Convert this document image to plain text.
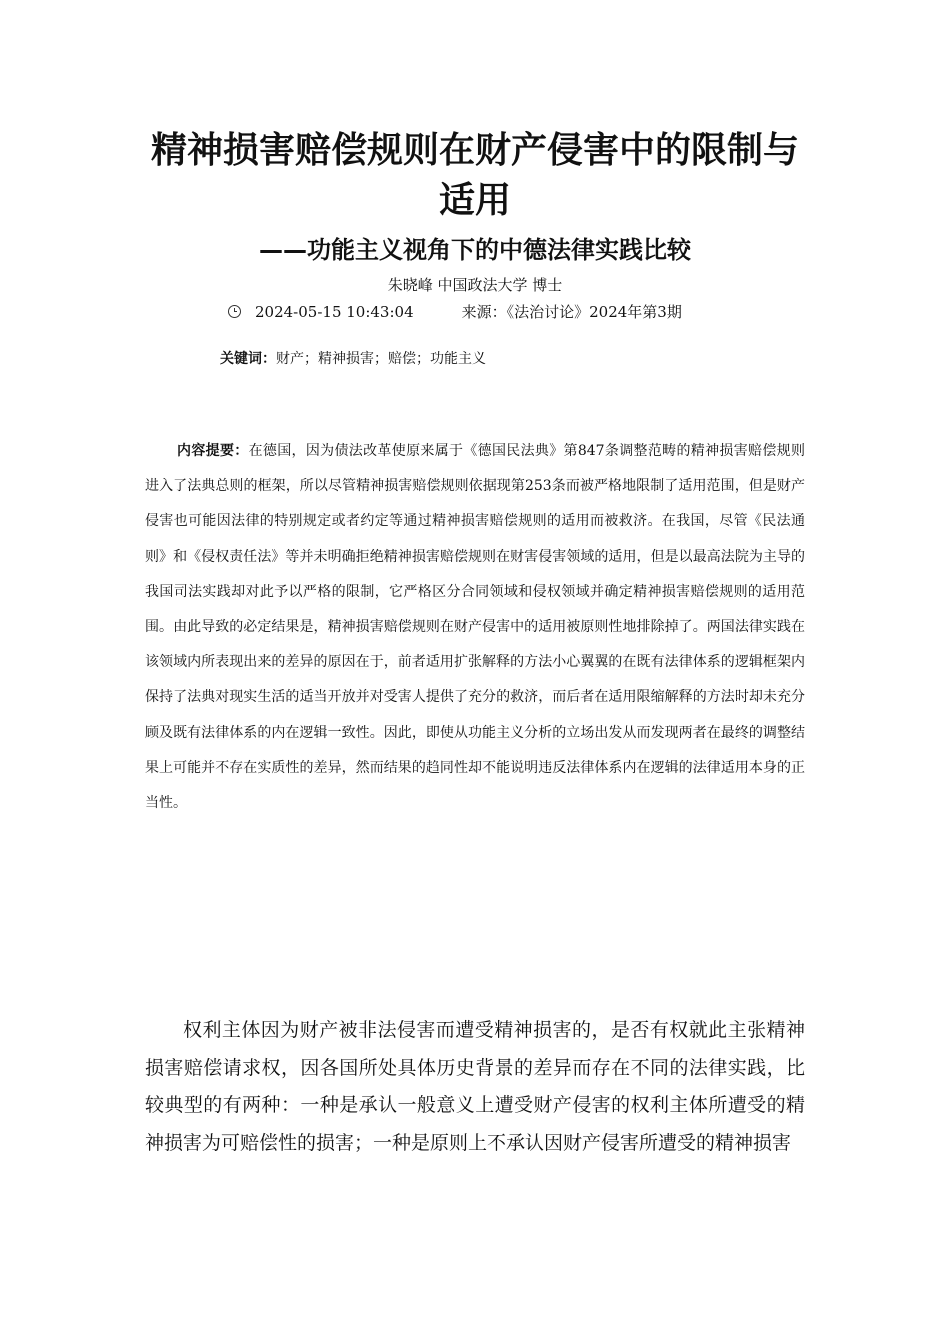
精神损害赔偿规则在财产侵害中的限制与适用
——功能主义视角下的中德法律实践比较
朱晓峰 中国政法大学 博士
2024-05-15 10:43:04	来源：《法治讨论》2024年第3期
关键词：财产；精神损害；赔偿；功能主义

内容提要：在德国，因为债法改革使原来属于《德国民法典》第847条调整范畴的精神损害赔偿规则进入了法典总则的框架，所以尽管精神损害赔偿规则依据现第253条而被严格地限制了适用范围，但是财产侵害也可能因法律的特别规定或者约定等通过精神损害赔偿规则的适用而被救济。在我国，尽管《民法通则》和《侵权责任法》等并未明确拒绝精神损害赔偿规则在财害侵害领域的适用，但是以最高法院为主导的我国司法实践却对此予以严格的限制，它严格区分合同领域和侵权领域并确定精神损害赔偿规则的适用范围。由此导致的必定结果是，精神损害赔偿规则在财产侵害中的适用被原则性地排除掉了。两国法律实践在该领域内所表现出来的差异的原因在于，前者适用扩张解释的方法小心翼翼的在既有法律体系的逻辑框架内保持了法典对现实生活的适当开放并对受害人提供了充分的救济，而后者在适用限缩解释的方法时却未充分顾及既有法律体系的内在逻辑一致性。因此，即使从功能主义分析的立场出发从而发现两者在最终的调整结果上可能并不存在实质性的差异，然而结果的趋同性却不能说明违反法律体系内在逻辑的法律适用本身的正当性。

权利主体因为财产被非法侵害而遭受精神损害的，是否有权就此主张精神损害赔偿请求权，因各国所处具体历史背景的差异而存在不同的法律实践，比较典型的有两种：一种是承认一般意义上遭受财产侵害的权利主体所遭受的精神损害为可赔偿性的损害；一种是原则上不承认因财产侵害所遭受的精神损害
